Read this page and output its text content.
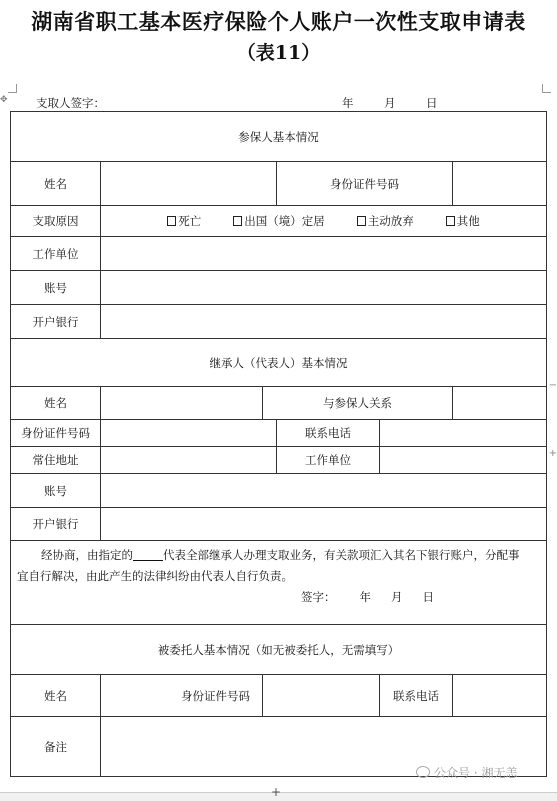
湖南省职工基本医疗保险个人账户一次性支取申请表
（表11）
✥ 支取人签字：	年	月	日
参保人基本情况					
姓名			身份证件号码		
支取原因	死亡 出国（境）定居 主动放弃 其他				
工作单位					
账号					
开户银行					
继承人（代表人）基本情况					
姓名		与参保人关系			
身份证件号码			联系电话		
常住地址			工作单位		
账号					
开户银行					

经协商，由指定的 代表全部继承人办理支取业务，有关款项汇入其名下银行账户，分配事
宜自行解决，由此产生的法律纠纷由代表人自行负责。
签字： 年 月 日					

被委托人基本情况（如无被委托人，无需填写）					
姓名	身份证件号码			联系电话	
备注					
−
+
公众号 · 湘无恙
+
